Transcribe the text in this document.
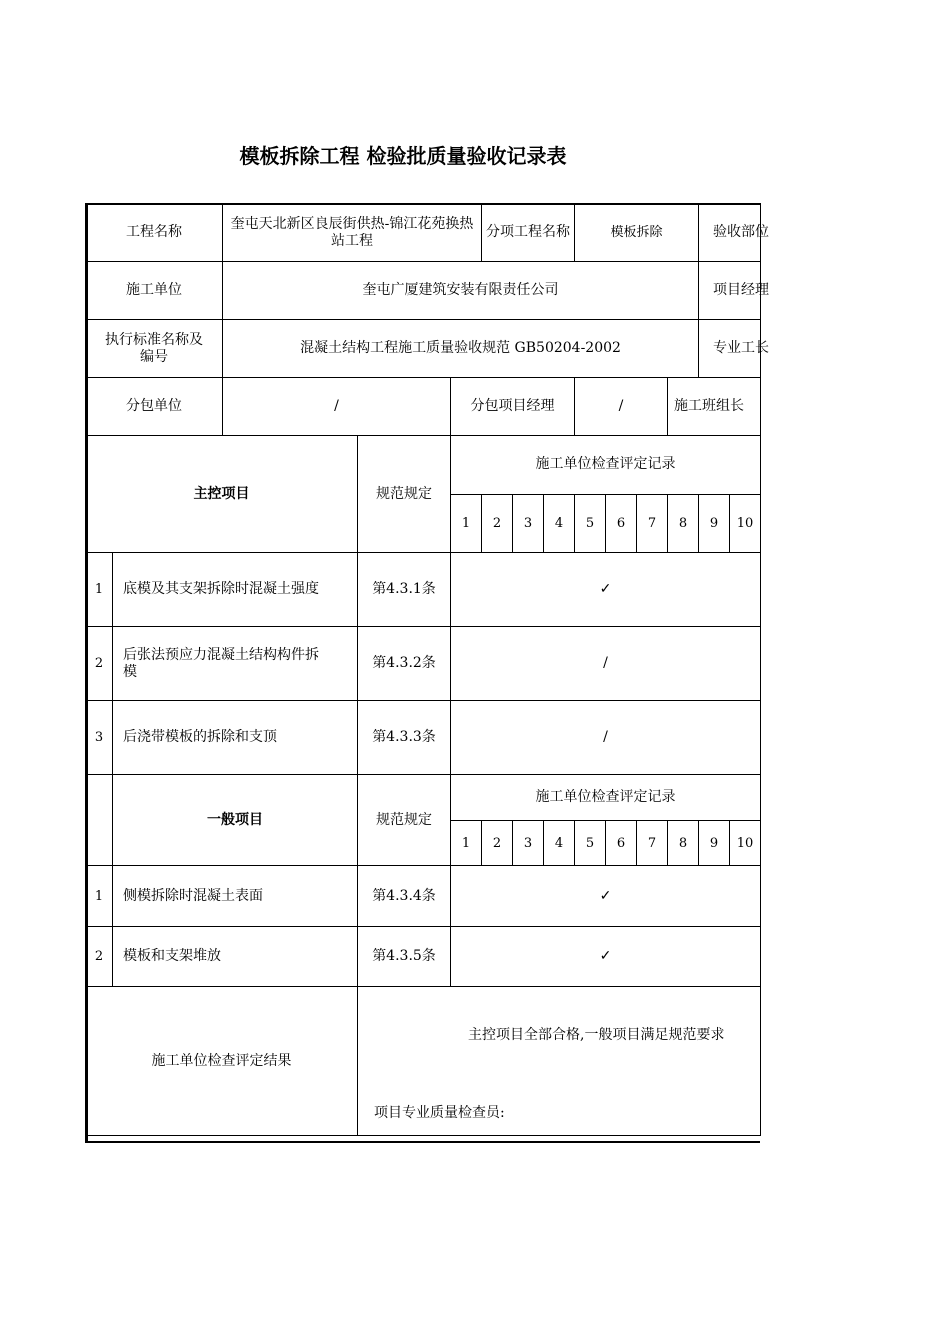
模板拆除工程 检验批质量验收记录表
工程名称		奎屯天北新区良辰街供热-锦江花苑换热站工程			分项工程名称			模板拆除				验收部位	
施工单位		奎屯广厦建筑安装有限责任公司										项目经理	
执行标准名称及编号		混凝土结构工程施工质量验收规范 GB50204-2002										专业工长	
分包单位		/		分包项目经理				/			施工班组长		
主控项目			规范规定	施工单位检查评定记录									
				1	2	3	4	5	6	7	8	9	10
1	底模及其支架拆除时混凝土强度		第4.3.1条	✓									
2	后张法预应力混凝土结构构件拆模		第4.3.2条	/									
3	后浇带模板的拆除和支顶		第4.3.3条	/									
	一般项目		规范规定	施工单位检查评定记录									
				1	2	3	4	5	6	7	8	9	10
1	侧模拆除时混凝土表面		第4.3.4条	✓									
2	模板和支架堆放		第4.3.5条	✓									
施工单位检查评定结果			主控项目全部合格,一般项目满足规范要求
项目专业质量检查员:										
